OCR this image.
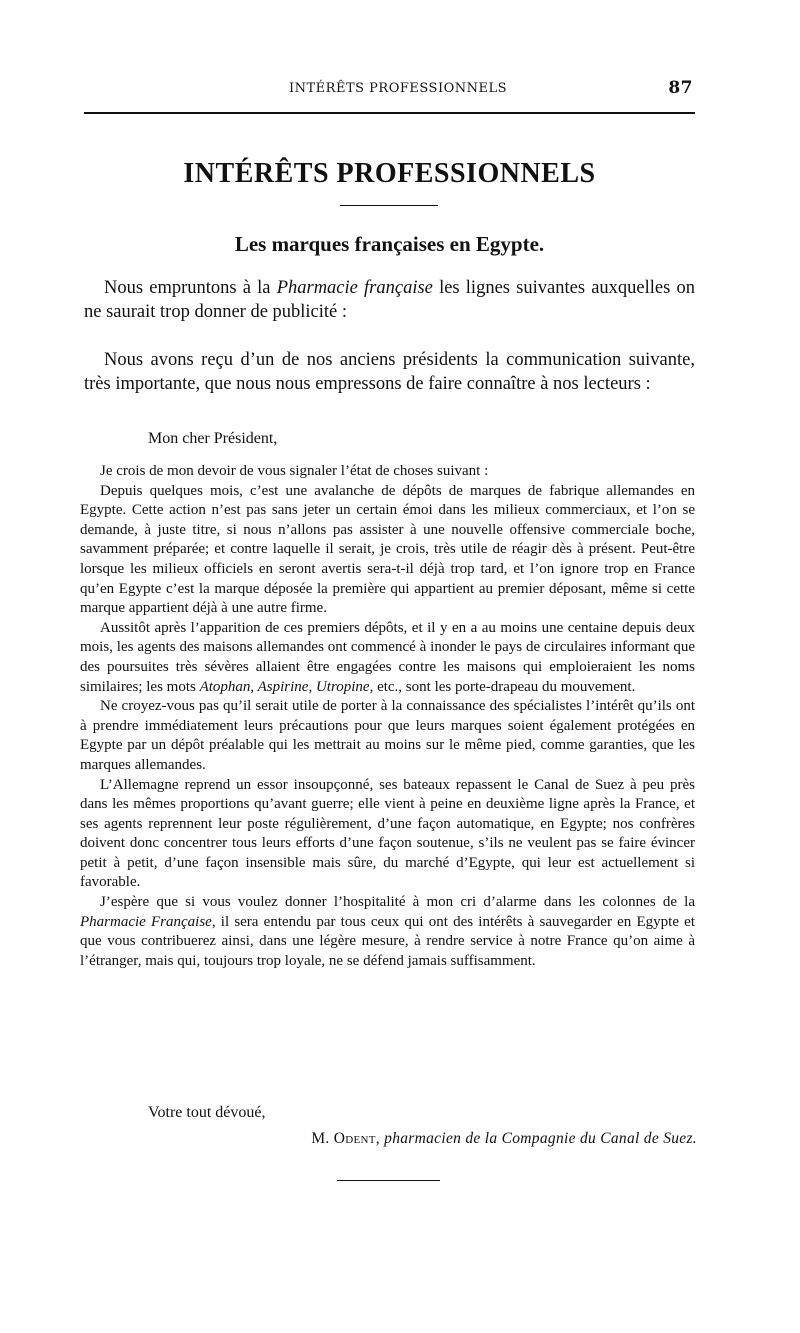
INTÉRÊTS PROFESSIONNELS	87
INTÉRÊTS PROFESSIONNELS
Les marques françaises en Egypte.
Nous empruntons à la Pharmacie française les lignes suivantes auxquelles on ne saurait trop donner de publicité :
Nous avons reçu d’un de nos anciens présidents la communication suivante, très importante, que nous nous empressons de faire connaître à nos lecteurs :
Mon cher Président,

Je crois de mon devoir de vous signaler l’état de choses suivant :

Depuis quelques mois, c’est une avalanche de dépôts de marques de fabrique allemandes en Egypte. Cette action n’est pas sans jeter un certain émoi dans les milieux commerciaux, et l’on se demande, à juste titre, si nous n’allons pas assister à une nouvelle offensive commerciale boche, savamment préparée; et contre laquelle il serait, je crois, très utile de réagir dès à présent. Peut-être lorsque les milieux officiels en seront avertis sera-t-il déjà trop tard, et l’on ignore trop en France qu’en Egypte c’est la marque déposée la première qui appartient au premier déposant, même si cette marque appartient déjà à une autre firme.

Aussitôt après l’apparition de ces premiers dépôts, et il y en a au moins une centaine depuis deux mois, les agents des maisons allemandes ont commencé à inonder le pays de circulaires informant que des poursuites très sévères allaient être engagées contre les maisons qui emploieraient les noms similaires; les mots Atophan, Aspirine, Utropine, etc., sont les porte-drapeau du mouvement.

Ne croyez-vous pas qu’il serait utile de porter à la connaissance des spécialistes l’intérêt qu’ils ont à prendre immédiatement leurs précautions pour que leurs marques soient également protégées en Egypte par un dépôt préalable qui les mettrait au moins sur le même pied, comme garanties, que les marques allemandes.

L’Allemagne reprend un essor insoupçonné, ses bateaux repassent le Canal de Suez à peu près dans les mêmes proportions qu’avant guerre; elle vient à peine en deuxième ligne après la France, et ses agents reprennent leur poste régulièrement, d’une façon automatique, en Egypte; nos confrères doivent donc concentrer tous leurs efforts d’une façon soutenue, s’ils ne veulent pas se faire évincer petit à petit, d’une façon insensible mais sûre, du marché d’Egypte, qui leur est actuellement si favorable.

J’espère que si vous voulez donner l’hospitalité à mon cri d’alarme dans les colonnes de la Pharmacie Française, il sera entendu par tous ceux qui ont des intérêts à sauvegarder en Egypte et que vous contribuerez ainsi, dans une légère mesure, à rendre service à notre France qu’on aime à l’étranger, mais qui, toujours trop loyale, ne se défend jamais suffisamment.

Votre tout dévoué,
M. Odent, pharmacien de la Compagnie du Canal de Suez.
